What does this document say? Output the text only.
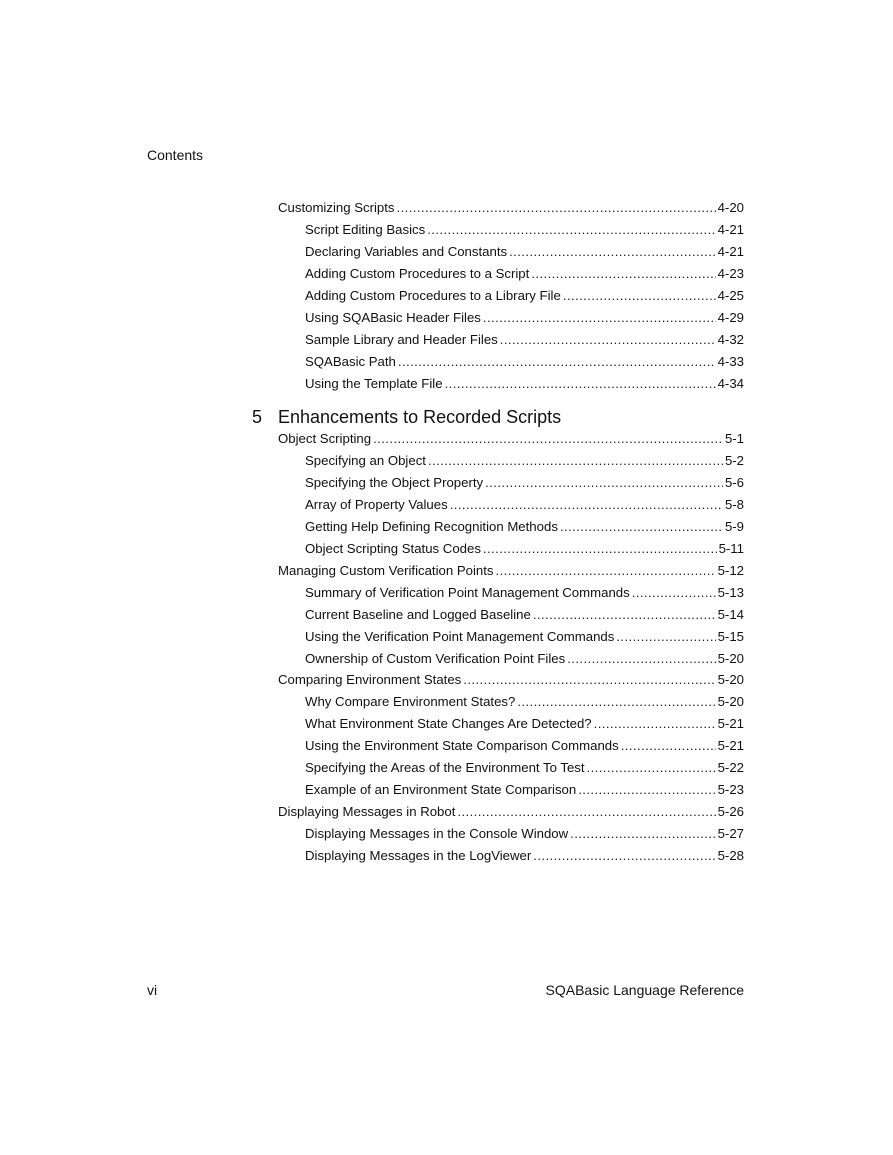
Contents
Customizing Scripts .....	4-20
Script Editing Basics .....	4-21
Declaring Variables and Constants .....	4-21
Adding Custom Procedures to a Script .....	4-23
Adding Custom Procedures to a Library File .....	4-25
Using SQABasic Header Files .....	4-29
Sample Library and Header Files .....	4-32
SQABasic Path .....	4-33
Using the Template File .....	4-34
Object Scripting .....	5-1
Specifying an Object .....	5-2
Specifying the Object Property .....	5-6
Array of Property Values .....	5-8
Getting Help Defining Recognition Methods .....	5-9
Object Scripting Status Codes .....	5-11
Managing Custom Verification Points .....	5-12
Summary of Verification Point Management Commands .....	5-13
Current Baseline and Logged Baseline .....	5-14
Using the Verification Point Management Commands .....	5-15
Ownership of Custom Verification Point Files .....	5-20
Comparing Environment States .....	5-20
Why Compare Environment States? .....	5-20
What Environment State Changes Are Detected? .....	5-21
Using the Environment State Comparison Commands .....	5-21
Specifying the Areas of the Environment To Test .....	5-22
Example of an Environment State Comparison .....	5-23
Displaying Messages in Robot .....	5-26
Displaying Messages in the Console Window .....	5-27
Displaying Messages in the LogViewer .....	5-28
5 Enhancements to Recorded Scripts
vi	SQABasic Language Reference
